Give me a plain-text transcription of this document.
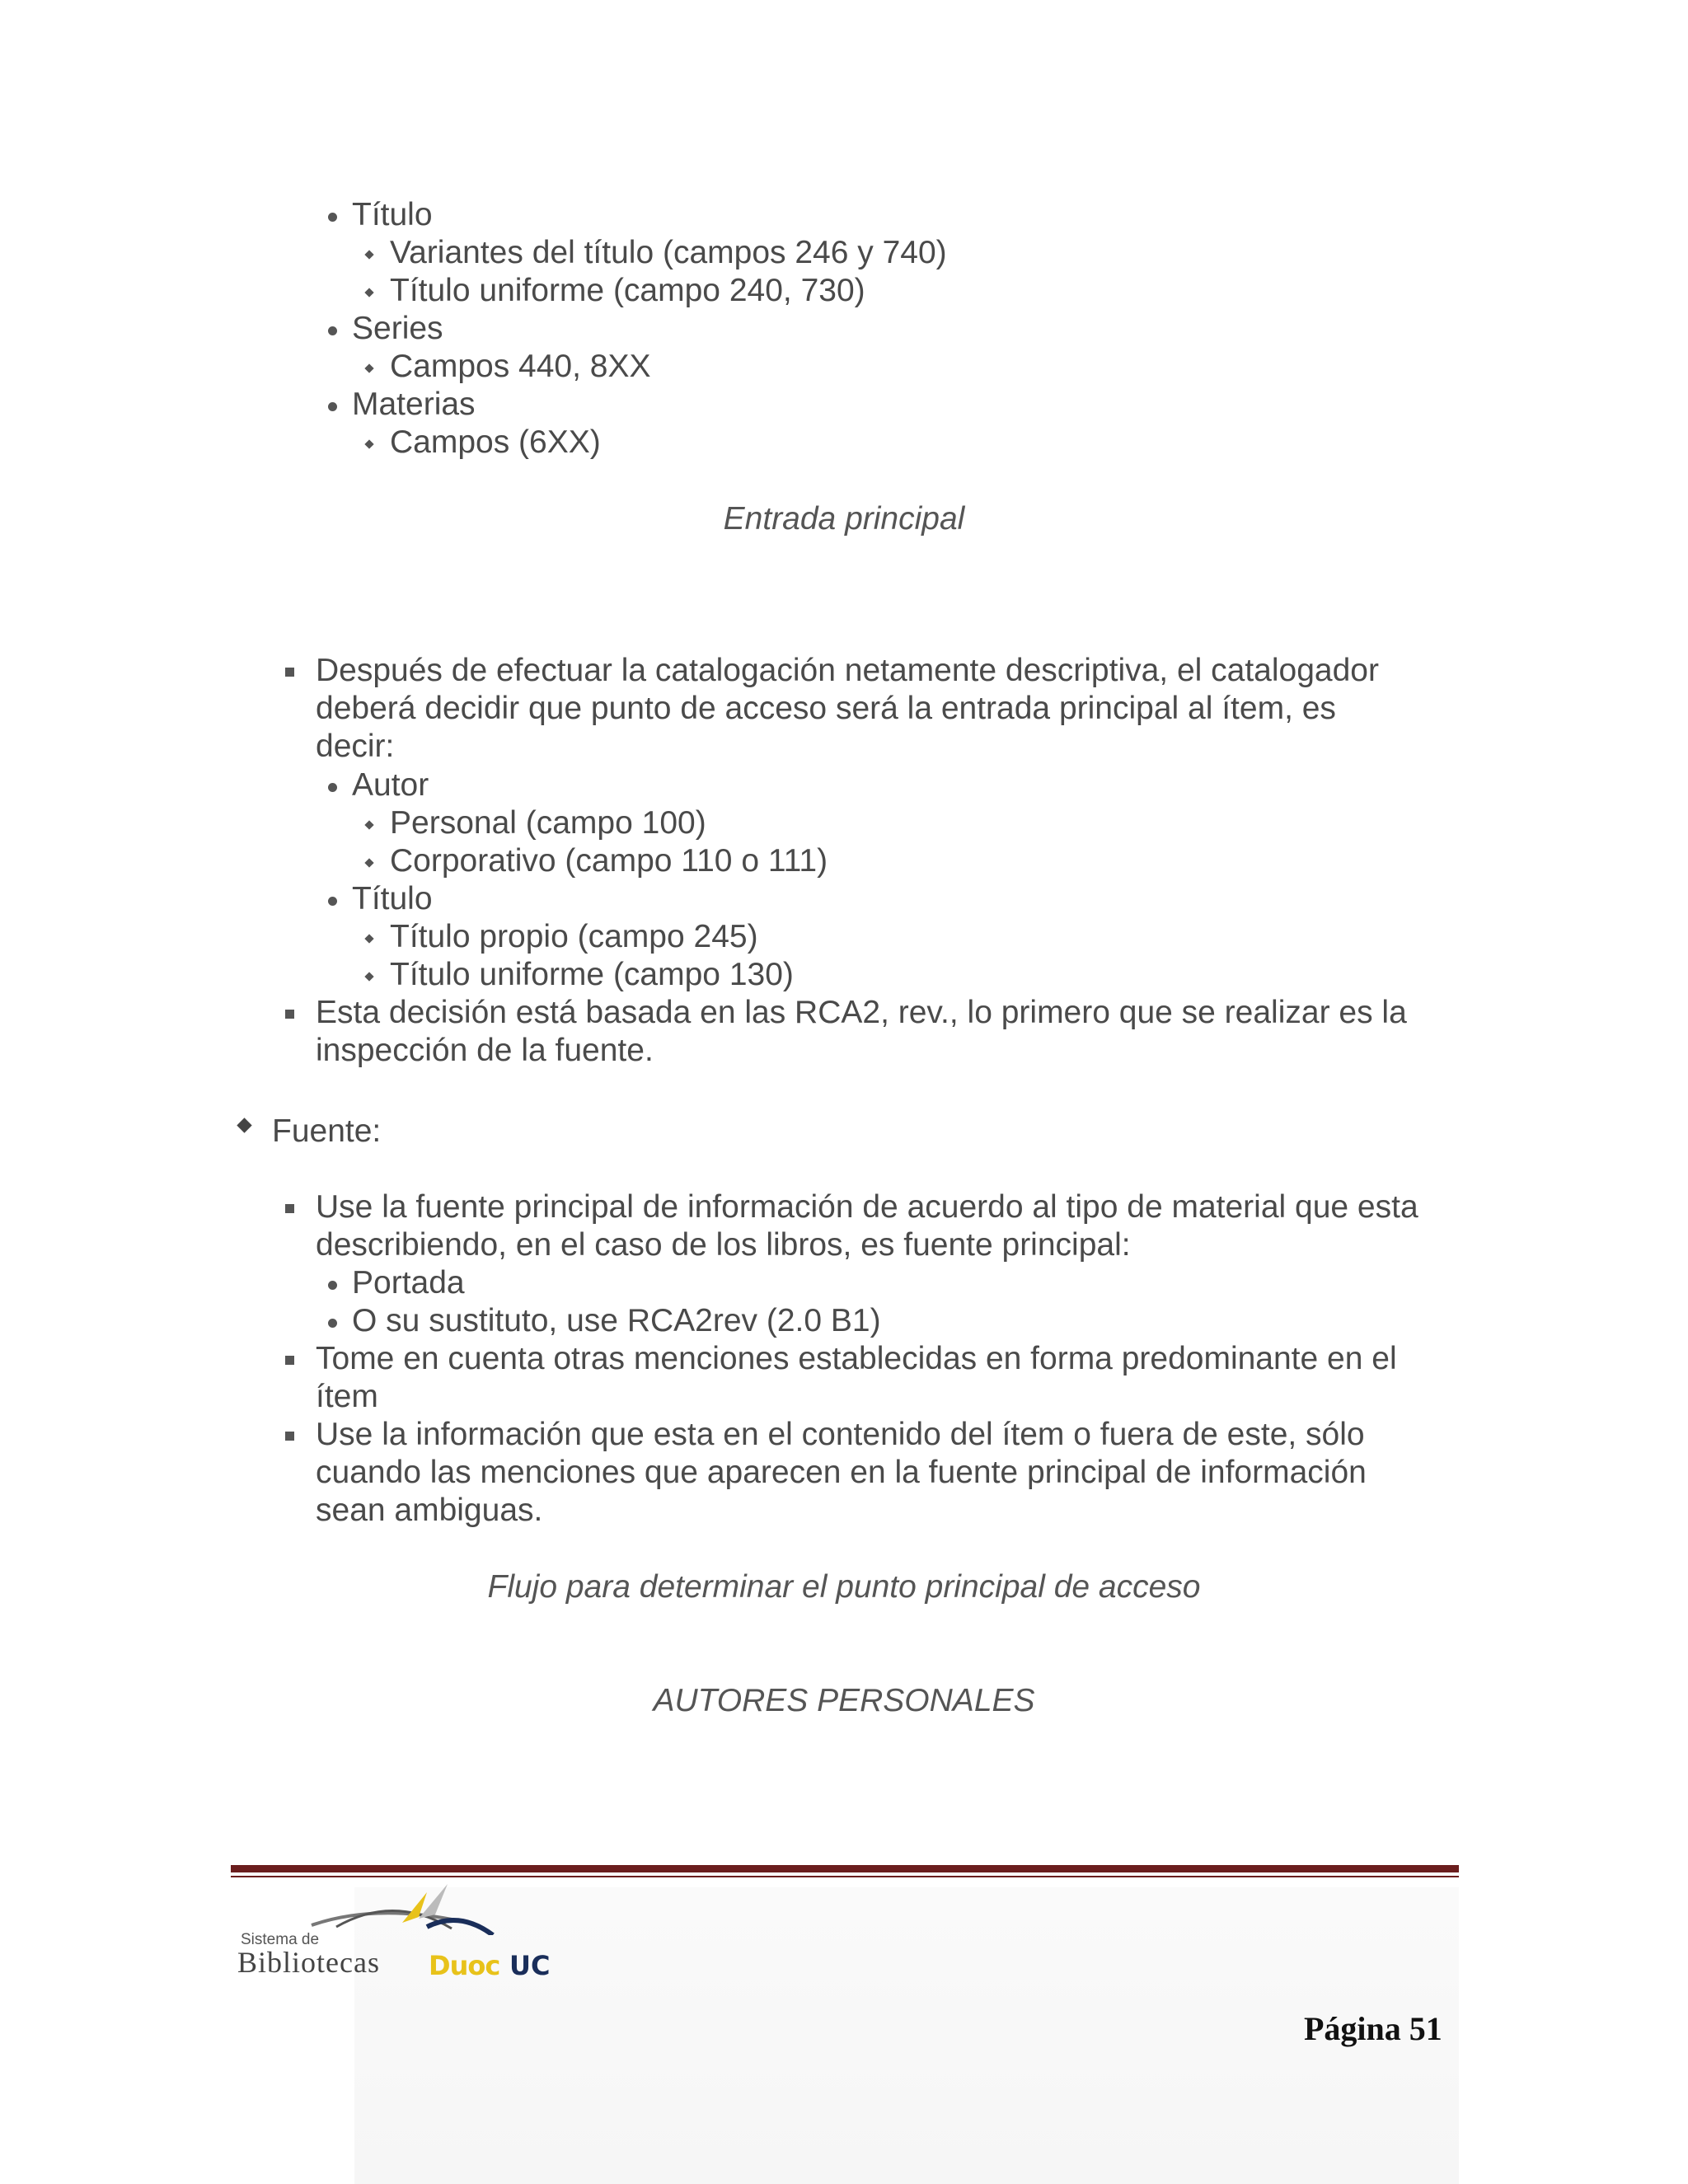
Título
Variantes del título (campos 246 y 740)
Título uniforme (campo 240, 730)
Series
Campos 440, 8XX
Materias
Campos (6XX)
Entrada principal
Después de efectuar la catalogación netamente descriptiva, el catalogador
deberá decidir que punto de acceso será la entrada principal al ítem, es
decir:
Autor
Personal (campo 100)
Corporativo (campo 110 o 111)
Título
Título propio (campo 245)
Título uniforme (campo 130)
Esta decisión está basada en las RCA2, rev., lo primero que se realizar es la
inspección de la fuente.
Fuente:
Use la fuente principal de información de acuerdo al tipo de material que esta
describiendo, en el caso de los libros, es fuente principal:
Portada
O su sustituto, use RCA2rev (2.0 B1)
Tome en cuenta otras menciones establecidas en forma predominante en el
ítem
Use la información que esta en el contenido del ítem o fuera de este, sólo
cuando las menciones que aparecen en la fuente principal de información
sean ambiguas.
Flujo para determinar el punto principal de acceso
AUTORES PERSONALES
Sistema de
Bibliotecas Duoc UC
Página 51
